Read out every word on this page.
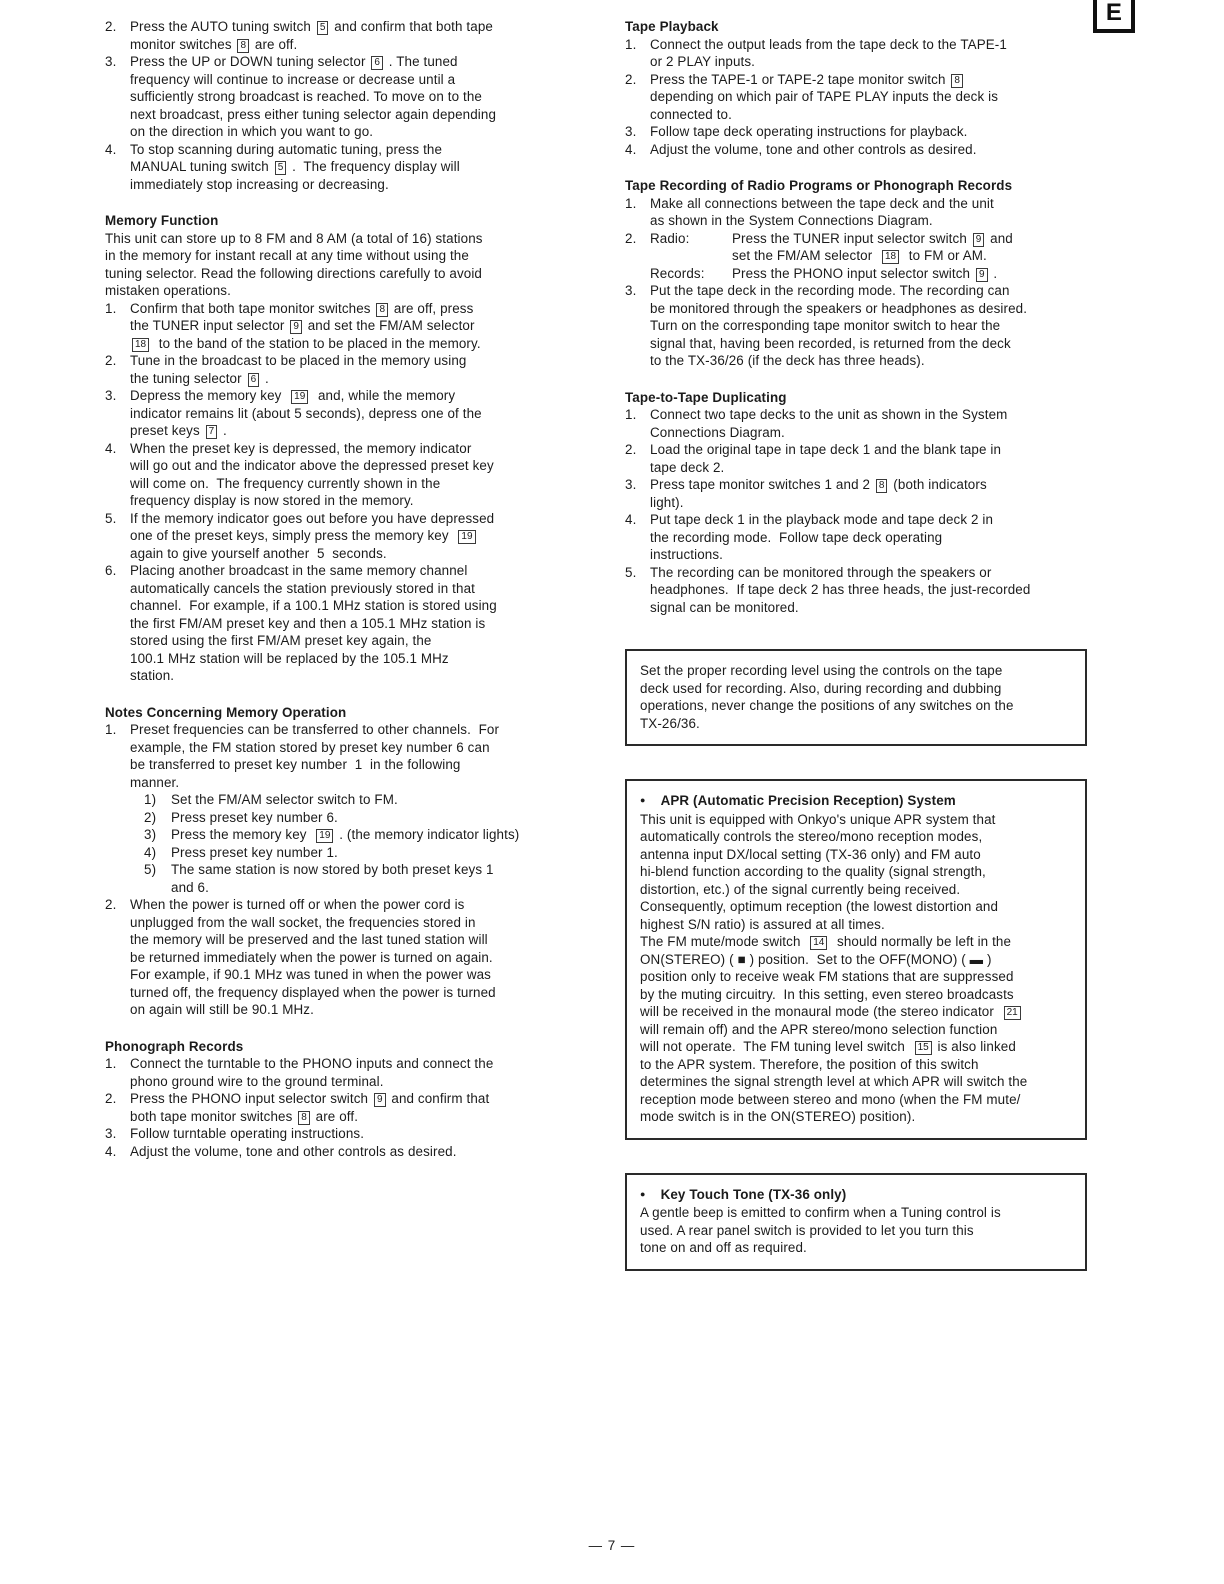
E
2.	Press the AUTO tuning switch 5 and confirm that both tape
monitor switches 8 are off.
3.	Press the UP or DOWN tuning selector 6 . The tuned
frequency will continue to increase or decrease until a
sufficiently strong broadcast is reached. To move on to the
next broadcast, press either tuning selector again depending
on the direction in which you want to go.
4.	To stop scanning during automatic tuning, press the
MANUAL tuning switch 5 .  The frequency display will
immediately stop increasing or decreasing.
Memory Function
This unit can store up to 8 FM and 8 AM (a total of 16) stations
in the memory for instant recall at any time without using the
tuning selector. Read the following directions carefully to avoid
mistaken operations.
1.	Confirm that both tape monitor switches 8 are off, press
the TUNER input selector 9 and set the FM/AM selector
18  to the band of the station to be placed in the memory.
2.	Tune in the broadcast to be placed in the memory using
the tuning selector 6 .
3.	Depress the memory key  19  and, while the memory
indicator remains lit (about 5 seconds), depress one of the
preset keys 7 .
4.	When the preset key is depressed, the memory indicator
will go out and the indicator above the depressed preset key
will come on.  The frequency currently shown in the
frequency display is now stored in the memory.
5.	If the memory indicator goes out before you have depressed
one of the preset keys, simply press the memory key  19
again to give yourself another  5  seconds.
6.	Placing another broadcast in the same memory channel
automatically cancels the station previously stored in that
channel.  For example, if a 100.1 MHz station is stored using
the first FM/AM preset key and then a 105.1 MHz station is
stored using the first FM/AM preset key again, the
100.1 MHz station will be replaced by the 105.1 MHz
station.
Notes Concerning Memory Operation
1.	Preset frequencies can be transferred to other channels.  For
example, the FM station stored by preset key number 6 can
be transferred to preset key number  1  in the following
manner.
1)	Set the FM/AM selector switch to FM.
2)	Press preset key number 6.
3)	Press the memory key  19 . (the memory indicator lights)
4)	Press preset key number 1.
5)	The same station is now stored by both preset keys 1
and 6.
2.	When the power is turned off or when the power cord is
unplugged from the wall socket, the frequencies stored in
the memory will be preserved and the last tuned station will
be returned immediately when the power is turned on again.
For example, if 90.1 MHz was tuned in when the power was
turned off, the frequency displayed when the power is turned
on again will still be 90.1 MHz.
Phonograph Records
1.	Connect the turntable to the PHONO inputs and connect the
phono ground wire to the ground terminal.
2.	Press the PHONO input selector switch 9 and confirm that
both tape monitor switches 8 are off.
3.	Follow turntable operating instructions.
4.	Adjust the volume, tone and other controls as desired.
Tape Playback
1.	Connect the output leads from the tape deck to the TAPE-1
or 2 PLAY inputs.
2.	Press the TAPE-1 or TAPE-2 tape monitor switch 8
depending on which pair of TAPE PLAY inputs the deck is
connected to.
3.	Follow tape deck operating instructions for playback.
4.	Adjust the volume, tone and other controls as desired.
Tape Recording of Radio Programs or Phonograph Records
1.	Make all connections between the tape deck and the unit
as shown in the System Connections Diagram.
2.	Radio:	Press the TUNER input selector switch 9 and
set the FM/AM selector  18  to FM or AM.
Records:	Press the PHONO input selector switch 9 .
3.	Put the tape deck in the recording mode. The recording can
be monitored through the speakers or headphones as desired.
Turn on the corresponding tape monitor switch to hear the
signal that, having been recorded, is returned from the deck
to the TX-36/26 (if the deck has three heads).
Tape-to-Tape Duplicating
1.	Connect two tape decks to the unit as shown in the System
Connections Diagram.
2.	Load the original tape in tape deck 1 and the blank tape in
tape deck 2.
3.	Press tape monitor switches 1 and 2 8 (both indicators
light).
4.	Put tape deck 1 in the playback mode and tape deck 2 in
the recording mode.  Follow tape deck operating
instructions.
5.	The recording can be monitored through the speakers or
headphones.  If tape deck 2 has three heads, the just-recorded
signal can be monitored.
Set the proper recording level using the controls on the tape
deck used for recording. Also, during recording and dubbing
operations, never change the positions of any switches on the
TX-26/36.
● APR (Automatic Precision Reception) System
This unit is equipped with Onkyo's unique APR system that
automatically controls the stereo/mono reception modes,
antenna input DX/local setting (TX-36 only) and FM auto
hi-blend function according to the quality (signal strength,
distortion, etc.) of the signal currently being received.
Consequently, optimum reception (the lowest distortion and
highest S/N ratio) is assured at all times.
The FM mute/mode switch  14  should normally be left in the
ON(STEREO) ( ■ ) position.  Set to the OFF(MONO) ( ▬ )
position only to receive weak FM stations that are suppressed
by the muting circuitry.  In this setting, even stereo broadcasts
will be received in the monaural mode (the stereo indicator  21
will remain off) and the APR stereo/mono selection function
will not operate.  The FM tuning level switch  15 is also linked
to the APR system. Therefore, the position of this switch
determines the signal strength level at which APR will switch the
reception mode between stereo and mono (when the FM mute/
mode switch is in the ON(STEREO) position).
● Key Touch Tone (TX-36 only)
A gentle beep is emitted to confirm when a Tuning control is
used. A rear panel switch is provided to let you turn this
tone on and off as required.
— 7 —
